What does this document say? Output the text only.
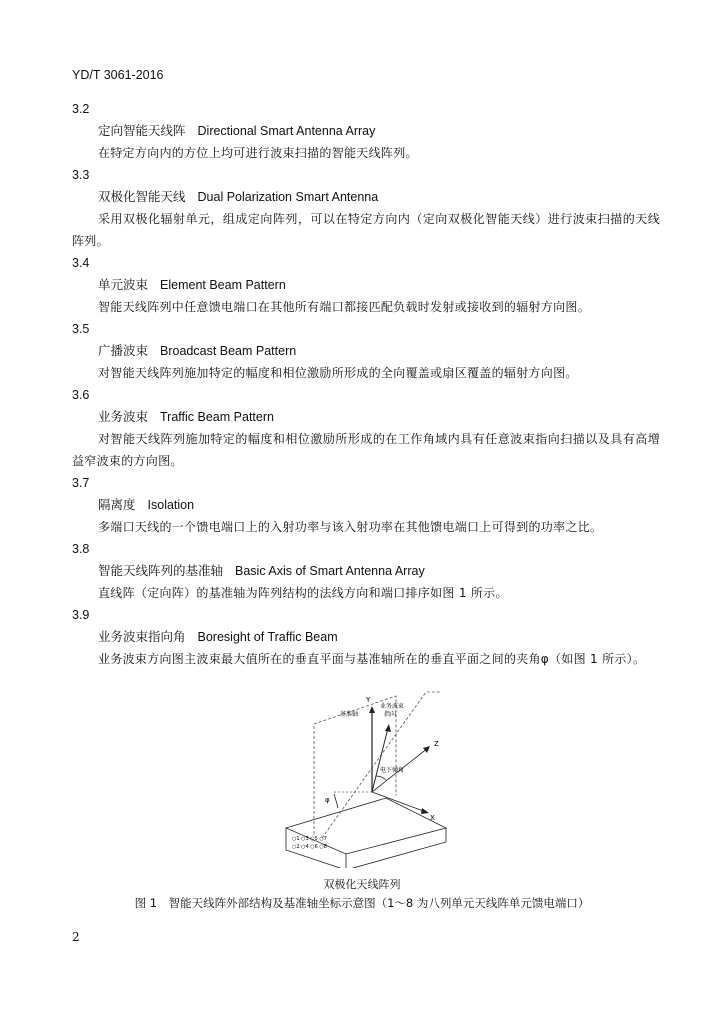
YD/T 3061-2016
3.2
定向智能天线阵 Directional Smart Antenna Array
在特定方向内的方位上均可进行波束扫描的智能天线阵列。
3.3
双极化智能天线 Dual Polarization Smart Antenna
采用双极化辐射单元，组成定向阵列，可以在特定方向内（定向双极化智能天线）进行波束扫描的天线阵列。
3.4
单元波束 Element Beam Pattern
智能天线阵列中任意馈电端口在其他所有端口都接匹配负载时发射或接收到的辐射方向图。
3.5
广播波束 Broadcast Beam Pattern
对智能天线阵列施加特定的幅度和相位激励所形成的全向覆盖或扇区覆盖的辐射方向图。
3.6
业务波束 Traffic Beam Pattern
对智能天线阵列施加特定的幅度和相位激励所形成的在工作角域内具有任意波束指向扫描以及具有高增益窄波束的方向图。
3.7
隔离度 Isolation
多端口天线的一个馈电端口上的入射功率与该入射功率在其他馈电端口上可得到的功率之比。
3.8
智能天线阵列的基准轴 Basic Axis of Smart Antenna Array
直线阵（定向阵）的基准轴为阵列结构的法线方向和端口排序如图 1 所示。
3.9
业务波束指向角 Boresight of Traffic Beam
业务波束方向图主波束最大值所在的垂直平面与基准轴所在的垂直平面之间的夹角φ（如图 1 所示）。
Y
Z
X
基准轴
业务波束
指向
电下倾角
φ
○1 ○3 ○5 ○7
○2 ○4 ○6 ○8
双极化天线阵列
图 1　智能天线阵外部结构及基准轴坐标示意图（1～8 为八列单元天线阵单元馈电端口）
2
